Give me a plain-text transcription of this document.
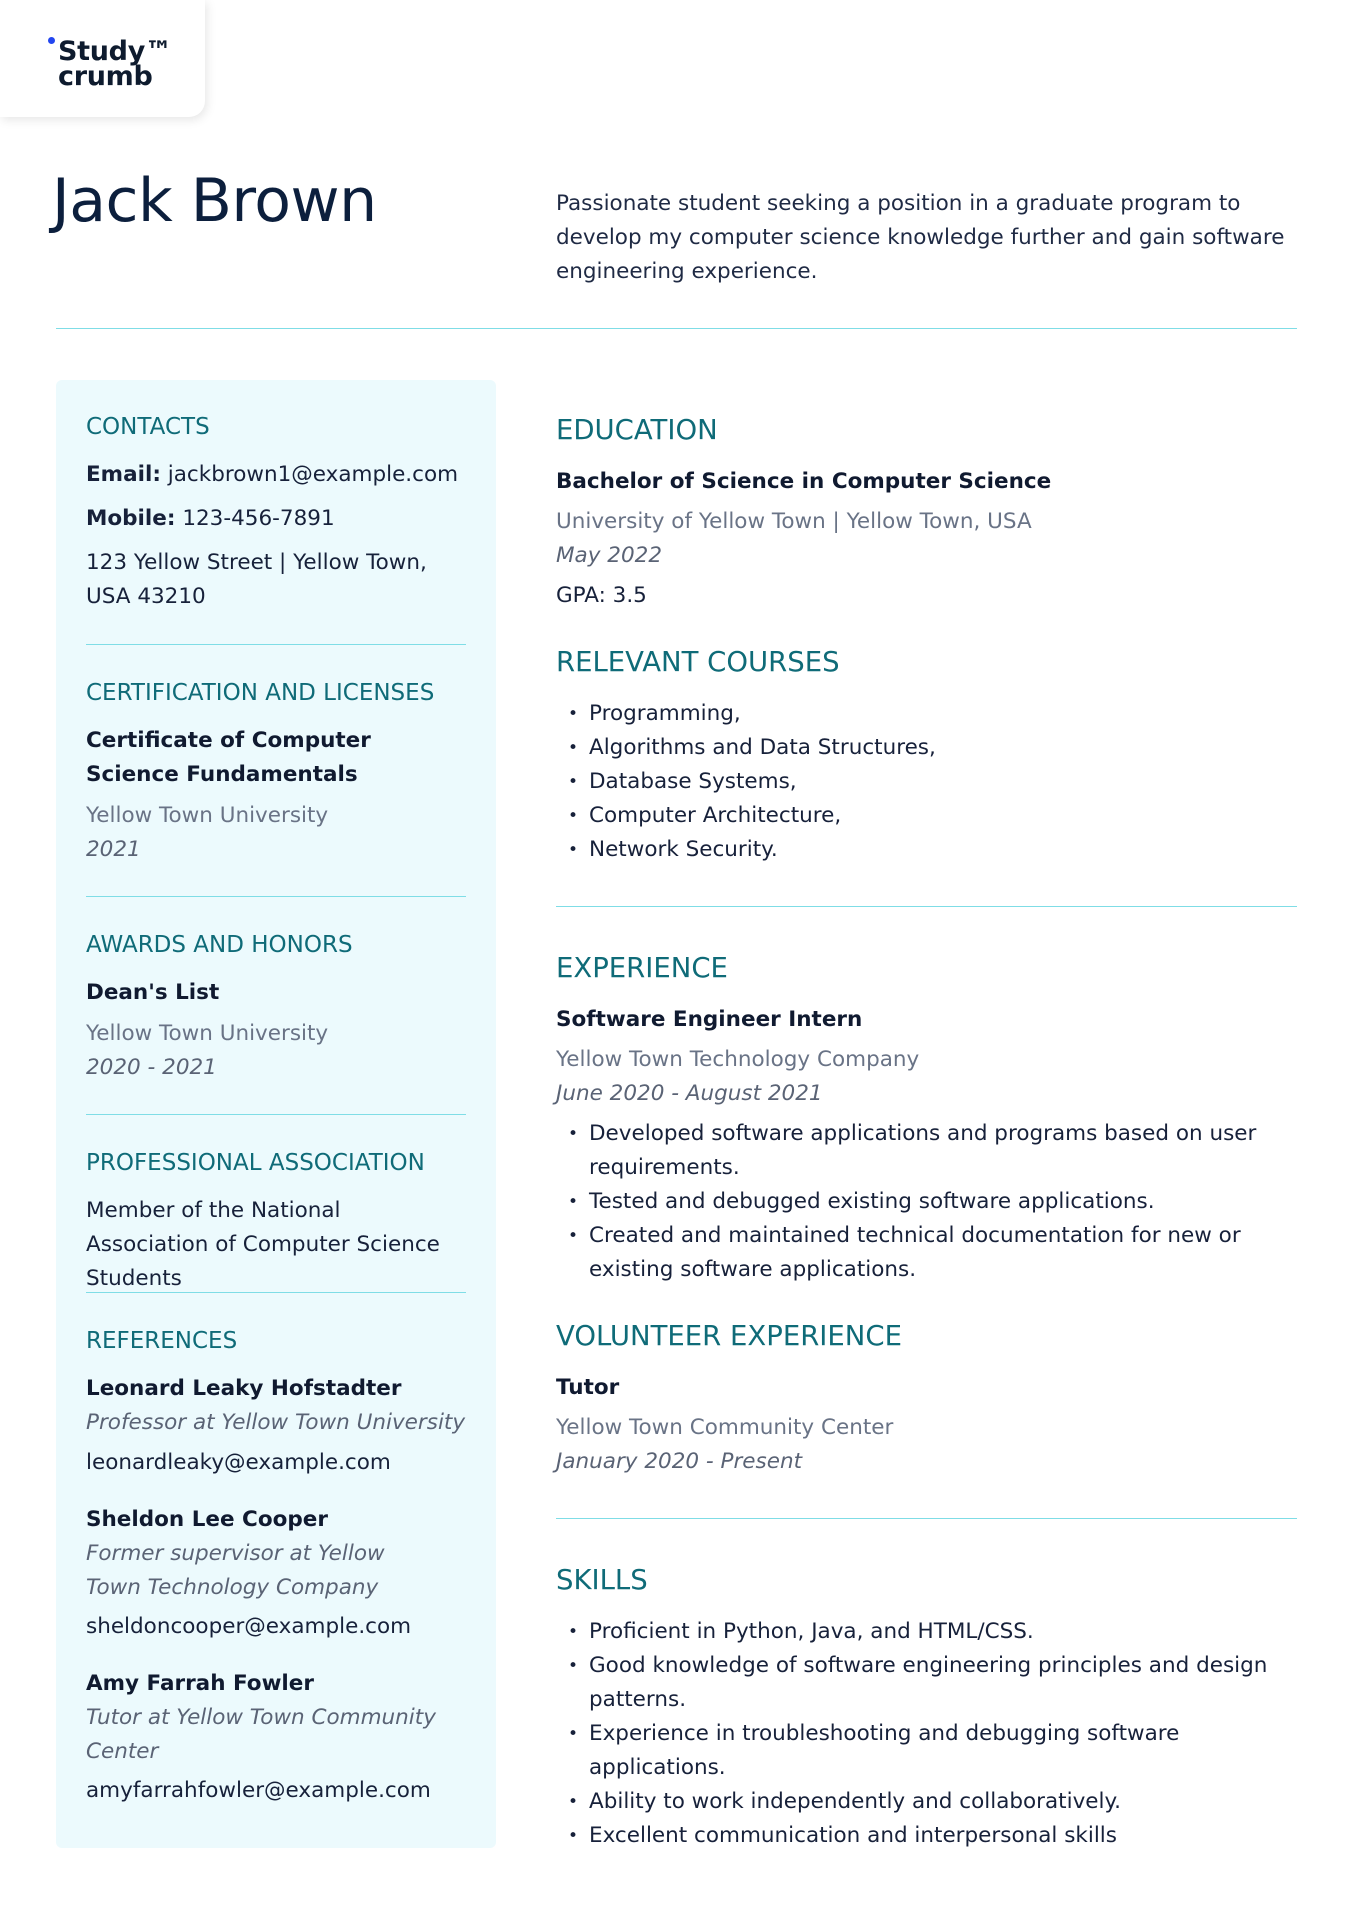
Study™
crumb
Jack Brown	Passionate student seeking a position in a graduate program to develop my computer science knowledge further and gain software engineering experience.
CONTACTS
Email: jackbrown1@example.com
Mobile: 123-456-7891
123 Yellow Street | Yellow Town, USA 43210
CERTIFICATION AND LICENSES
Certificate of Computer Science Fundamentals
Yellow Town University
2021
AWARDS AND HONORS
Dean's List
Yellow Town University
2020 - 2021
PROFESSIONAL ASSOCIATION
Member of the National Association of Computer Science Students
REFERENCES
Leonard Leaky Hofstadter
Professor at Yellow Town University
leonardleaky@example.com
Sheldon Lee Cooper
Former supervisor at Yellow Town Technology Company
sheldoncooper@example.com
Amy Farrah Fowler
Tutor at Yellow Town Community Center
amyfarrahfowler@example.com
EDUCATION
Bachelor of Science in Computer Science
University of Yellow Town | Yellow Town, USA
May 2022
GPA: 3.5
RELEVANT COURSES
• Programming,
• Algorithms and Data Structures,
• Database Systems,
• Computer Architecture,
• Network Security.
EXPERIENCE
Software Engineer Intern
Yellow Town Technology Company
June 2020 - August 2021
• Developed software applications and programs based on user requirements.
• Tested and debugged existing software applications.
• Created and maintained technical documentation for new or existing software applications.
VOLUNTEER EXPERIENCE
Tutor
Yellow Town Community Center
January 2020 - Present
SKILLS
• Proficient in Python, Java, and HTML/CSS.
• Good knowledge of software engineering principles and design patterns.
• Experience in troubleshooting and debugging software applications.
• Ability to work independently and collaboratively.
• Excellent communication and interpersonal skills
